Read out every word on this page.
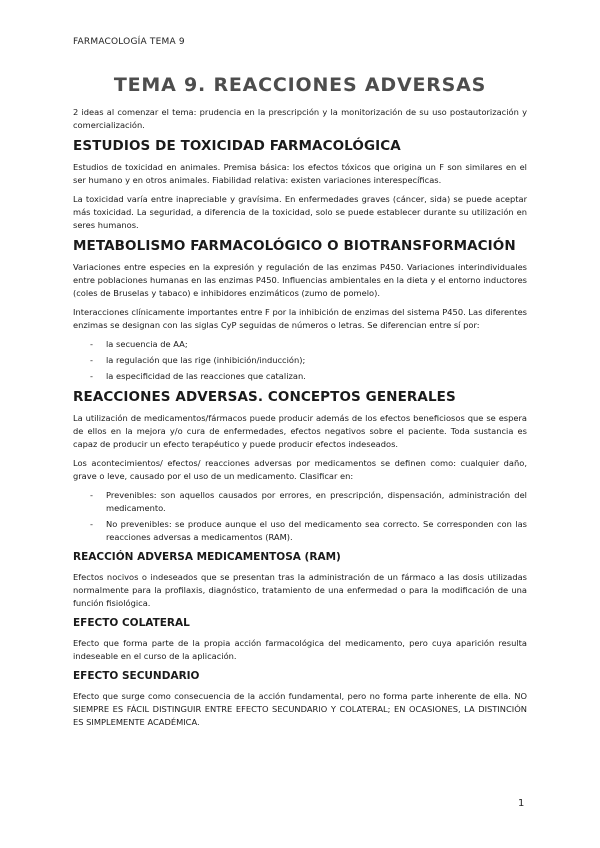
FARMACOLOGÍA TEMA 9
TEMA 9. REACCIONES ADVERSAS

2 ideas al comenzar el tema: prudencia en la prescripción y la monitorización de su uso postautorización y comercialización.

ESTUDIOS DE TOXICIDAD FARMACOLÓGICA

Estudios de toxicidad en animales. Premisa básica: los efectos tóxicos que origina un F son similares en el ser humano y en otros animales. Fiabilidad relativa: existen variaciones interespecíficas.

La toxicidad varía entre inapreciable y gravísima. En enfermedades graves (cáncer, sida) se puede aceptar más toxicidad. La seguridad, a diferencia de la toxicidad, solo se puede establecer durante su utilización en seres humanos.

METABOLISMO FARMACOLÓGICO O BIOTRANSFORMACIÓN

Variaciones entre especies en la expresión y regulación de las enzimas P450. Variaciones interindividuales entre poblaciones humanas en las enzimas P450. Influencias ambientales en la dieta y el entorno inductores (coles de Bruselas y tabaco) e inhibidores enzimáticos (zumo de pomelo).

Interacciones clínicamente importantes entre F por la inhibición de enzimas del sistema P450. Las diferentes enzimas se designan con las siglas CyP seguidas de números o letras. Se diferencian entre sí por:

- la secuencia de AA;
- la regulación que las rige (inhibición/inducción);
- la especificidad de las reacciones que catalizan.
REACCIONES ADVERSAS. CONCEPTOS GENERALES

La utilización de medicamentos/fármacos puede producir además de los efectos beneficiosos que se espera de ellos en la mejora y/o cura de enfermedades, efectos negativos sobre el paciente. Toda sustancia es capaz de producir un efecto terapéutico y puede producir efectos indeseados.

Los acontecimientos/ efectos/ reacciones adversas por medicamentos se definen como: cualquier daño, grave o leve, causado por el uso de un medicamento. Clasificar en:

- Prevenibles: son aquellos causados por errores, en prescripción, dispensación, administración del medicamento.
- No prevenibles: se produce aunque el uso del medicamento sea correcto. Se corresponden con las reacciones adversas a medicamentos (RAM).
REACCIÓN ADVERSA MEDICAMENTOSA (RAM)

Efectos nocivos o indeseados que se presentan tras la administración de un fármaco a las dosis utilizadas normalmente para la profilaxis, diagnóstico, tratamiento de una enfermedad o para la modificación de una función fisiológica.

EFECTO COLATERAL

Efecto que forma parte de la propia acción farmacológica del medicamento, pero cuya aparición resulta indeseable en el curso de la aplicación.

EFECTO SECUNDARIO

Efecto que surge como consecuencia de la acción fundamental, pero no forma parte inherente de ella. NO SIEMPRE ES FÁCIL DISTINGUIR ENTRE EFECTO SECUNDARIO Y COLATERAL; EN OCASIONES, LA DISTINCIÓN ES SIMPLEMENTE ACADÉMICA.

1
